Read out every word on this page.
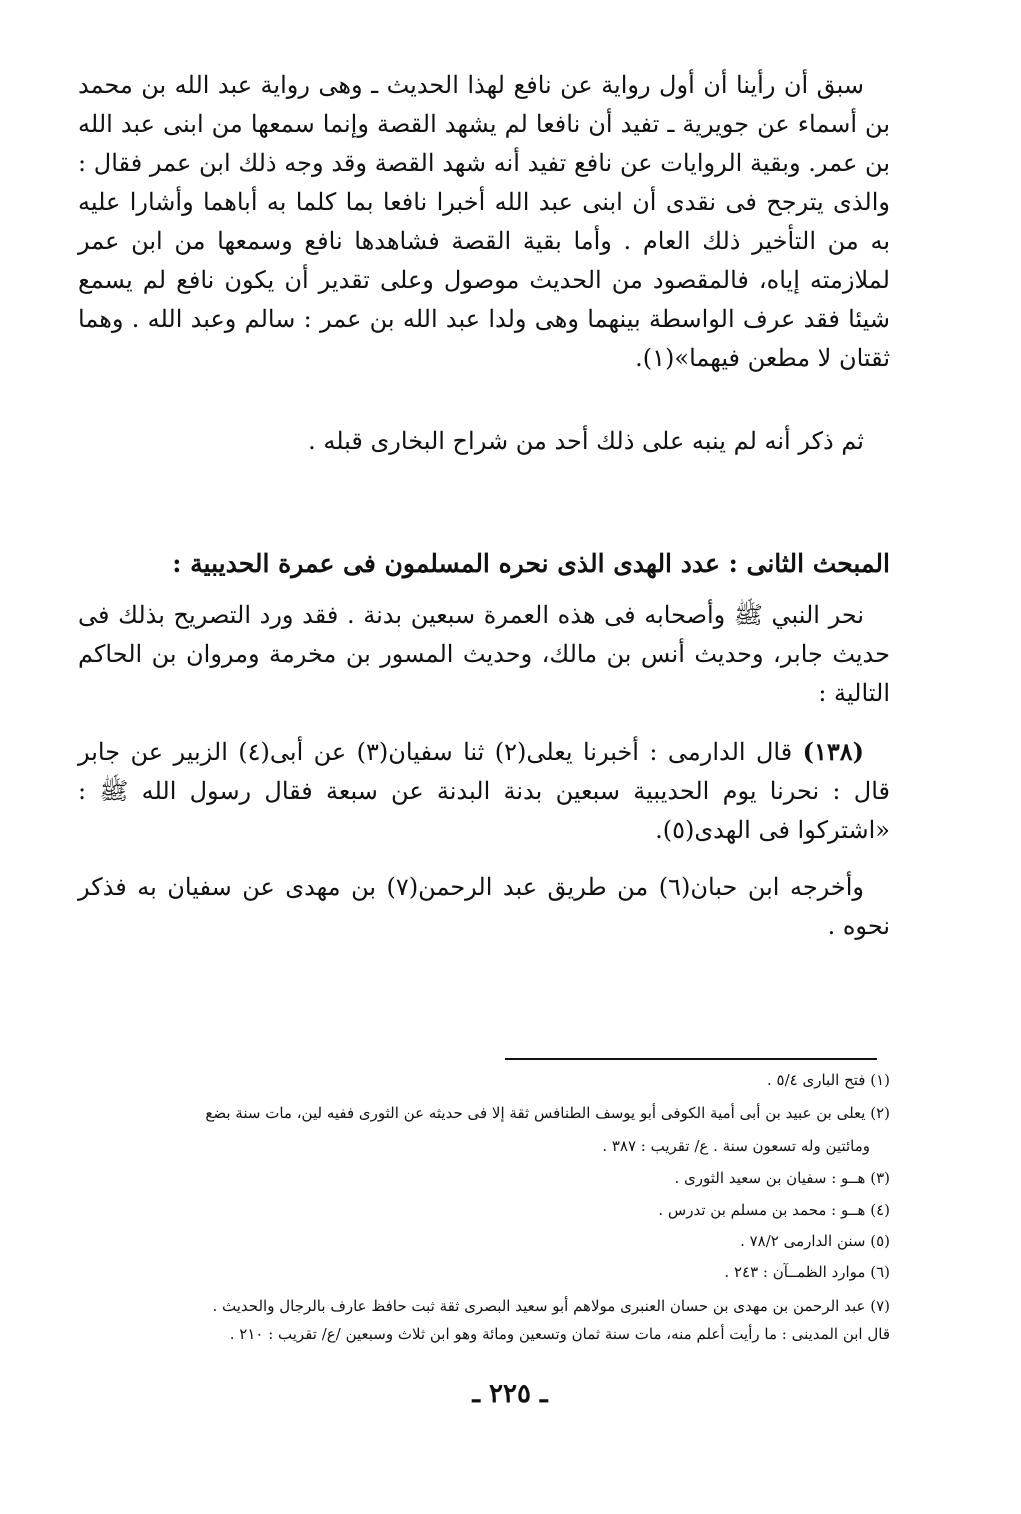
سبق أن رأينا أن أول رواية عن نافع لهذا الحديث ـ وهى رواية عبد الله بن محمد بن أسماء عن جويرية ـ تفيد أن نافعا لم يشهد القصة وإنما سمعها من ابنى عبد الله بن عمر. وبقية الروايات عن نافع تفيد أنه شهد القصة وقد وجه ذلك ابن عمر فقال : والذى يترجح فى نقدى أن ابنى عبد الله أخبرا نافعا بما كلما به أباهما وأشارا عليه به من التأخير ذلك العام . وأما بقية القصة فشاهدها نافع وسمعها من ابن عمر لملازمته إياه، فالمقصود من الحديث موصول وعلى تقدير أن يكون نافع لم يسمع شيئا فقد عرف الواسطة بينهما وهى ولدا عبد الله بن عمر : سالم وعبد الله . وهما ثقتان لا مطعن فيهما»(١).

ثم ذكر أنه لم ينبه على ذلك أحد من شراح البخارى قبله .

المبحث الثانى : عدد الهدى الذى نحره المسلمون فى عمرة الحديبية :

نحر النبي ﷺ وأصحابه فى هذه العمرة سبعين بدنة . فقد ورد التصريح بذلك فى حديث جابر، وحديث أنس بن مالك، وحديث المسور بن مخرمة ومروان بن الحاكم التالية :

(١٣٨) قال الدارمى : أخبرنا يعلى(٢) ثنا سفيان(٣) عن أبى(٤) الزبير عن جابر قال : نحرنا يوم الحديبية سبعين بدنة البدنة عن سبعة فقال رسول الله ﷺ : «اشتركوا فى الهدى(٥).

وأخرجه ابن حبان(٦) من طريق عبد الرحمن(٧) بن مهدى عن سفيان به فذكر نحوه .

(١) فتح البارى ٥/٤ .

(٢) يعلى بن عبيد بن أبى أمية الكوفى أبو يوسف الطنافس ثقة إلا فى حديثه عن الثورى ففيه لين، مات سنة بضع

ومائتين وله تسعون سنة . ع/ تقريب : ٣٨٧ .

(٣) هــو : سفيان بن سعيد الثورى .

(٤) هــو : محمد بن مسلم بن تدرس .

(٥) سنن الدارمى ٧٨/٢ .

(٦) موارد الظمــآن : ٢٤٣ .

(٧) عبد الرحمن بن مهدى بن حسان العنبرى مولاهم أبو سعيد البصرى ثقة ثبت حافظ عارف بالرجال والحديث .

قال ابن المدينى : ما رأيت أعلم منه، مات سنة ثمان وتسعين ومائة وهو ابن ثلاث وسبعين /ع/ تقريب : ٢١٠ .

ـ ٢٢٥ ـ
